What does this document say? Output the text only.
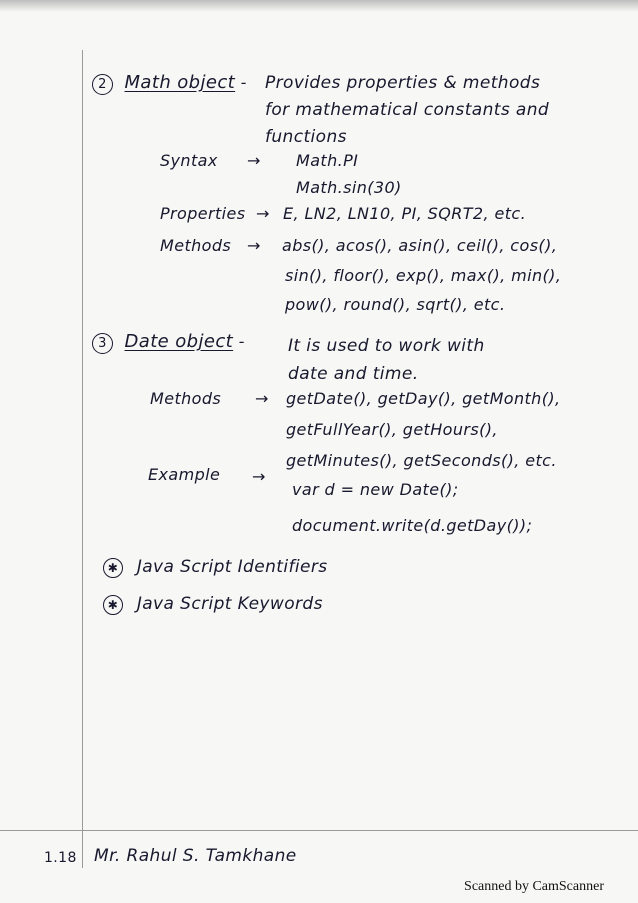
2 Math object - Provides properties & methods
for mathematical constants and
functions
Syntax → Math.PI
Math.sin(30)
Properties → E, LN2, LN10, PI, SQRT2, etc.
Methods → abs(), acos(), asin(), ceil(), cos(),
sin(), floor(), exp(), max(), min(),
pow(), round(), sqrt(), etc.
3 Date object -	It is used to work with
date and time.
Methods → getDate(), getDay(), getMonth(),
getFullYear(), getHours(),
getMinutes(), getSeconds(), etc.
Example →
var d = new Date();
document.write(d.getDay());
✱ Java Script Identifiers
✱ Java Script Keywords
1.18 Mr. Rahul S. Tamkhane
Scanned by CamScanner
